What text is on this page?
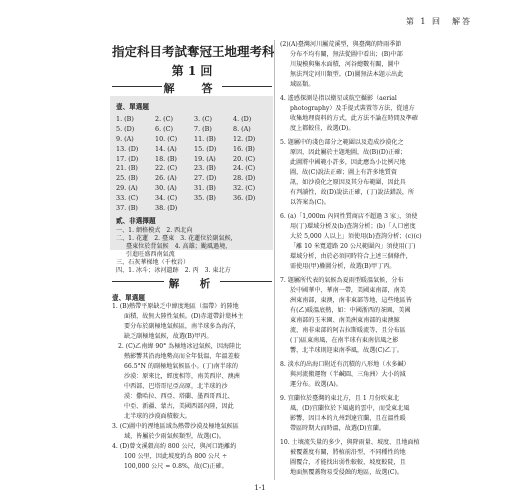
第 1 回　解答
指定科目考試奪冠王地理考科
第 1 回
解　答
壹、單選題
1. (B)	2. (C)	3. (C)	4. (D)
5. (D)	6. (C)	7. (B)	8. (A)
9. (A)	10. (C)	11. (B)	12. (D)
13. (D)	14. (A)	15. (D)	16. (B)
17. (D)	18. (B)	19. (A)	20. (C)
21. (B)	22. (C)	23. (B)	24. (C)
25. (B)	26. (A)	27. (D)	28. (D)
29. (A)	30. (A)	31. (B)	32. (C)
33. (C)	34. (C)	35. (B)	36. (D)
37. (B)	38. (D)
貳、非選擇題
一、1. 網格模式　2. 西北向
二、1. 花蓮　2. 臺東　3. 花蓮位於副氣候，
臺東位於背氣候　4. 高雄；颱風過境，
引進旺盛西南氣流
三、石灰華梯地（千枚岩）
四、1. 冰斗；冰河遺跡　2. 丙　3. 東北方
解　析
壹、單選題
1. (B)熱帶平原缺乏中緯度地區（溫帶）的陸地
面積，故無大陸性氣候。(D)赤道帶針葉林主
要分布於副極地氣候區，南半球多為海洋，
缺乏副極地氣候，故選(B)甲丙。
2. (C)乙南緯 90° 為極地冰冠氣候，因海陸比
熱影響其沿海地勢高而全年低溫，年溫差較
66.5°N 的副極地氣候區小。(丁)南半球的
沙漠：原來比，經度相等，南美西岸、澳洲
中西部、巴塔哥尼亞高原，北半球的沙
漠：撒哈拉、西亞、塔蘭、墨西哥西北、
中亞、新疆、蒙古，美國西部內陸，因此
北半球的沙漠面積較大。
3. (C)圖中的溼地區域為熱帶沙漠及極地氣候區
域，皆屬於少雨氣候類型，故選(C)。
4. (D)曾文溪穀高約 800 公尺，與河口距離約
100 公里，因此坡度約為 800 公尺 ÷
100,000 公尺 = 0.8%，故(C)正確。
(2)(A)臺灣河川屬荒溪型，與臺灣的降雨季節
分布不均有關，無法從圖中看出；(B)中部
川規模與集水面積，河谷總數有關，圖中
無法判定河川類型。(D)圖無法本題示出此
域區類。
4. 遙感探測是指以衛星或航空攝影（aerial
photography）及手提式裝置等方法，從遠方
收集地理資料的方式，此方法不論在時間及準確
度上都較佳，故選(D)。
5. 題屬中的淺色部分之範圍以及造成沙漠化之
原因，因此屬於主題地圖，故(B)(D)正確；
此圖將中國範小許多，因此應為小比例尺地
圖，故(C)說法正確；圖上有許多地質資
訊，如沙漠化之原因及其分布範圍，因此具
有判讀性，故(D)說法正確，(丁)說法錯誤，所
以答案為(C)。
6. (a)「1,000m 內同性質商店不超過 3 家」，須使
用(丁)環域分析及(b)查詢分析；(b)「人口密度
大於 5,000 人以上」須使用(b)查詢分析；(c)(c)
「離 10 米寬道路 20 公尺範圍內」須使用(丁)
環域分析，由於必須同時符合上述三個條件，
需使用(甲)疊圖分析，故選(B)甲丁丙。
7. 題屬所代表的氣候為夏雨型暖溫氣候，分布
於中國華中、華南一帶，美國東南部，南美
洲東南部，東澳，南非東部等地，這些地區皆
有(乙)暖溫底熱，如：中國浙西的茶園、美國
東南部的玉米園、南美洲東南部的東澳鯨
流，南非東部的阿吉拉斯暖流等，且分布區
(丁)區東南風，在南半球有東南信風之影
響，北半球則迎東南季風，故選(C)乙丁。
8. 淡水的出海口附近有沉積的八形地（水多鹹）
與河流搬運物（半鹹圓、三角洲）大小的減
運分布。故選(A)。
9. 宜蘭位於臺灣的東北方，且 1 月份吹東北
風，(D)宜蘭位於下風處的雲中，而受東北風
影響，因目本的九州到達宜蘭，且在溫性暖
帶區時期大而時溫，故選(D)宜蘭。
10. 土壤流失量的多少，與降雨量、坡度、且地面植
被覆蓋度有關，將植前沿型，不同種性的地
圖覆合，才能找出弱性較較，坡度較陡，且
地面無覆蓋物易受侵蝕的地區，故選(C)。
1-1
